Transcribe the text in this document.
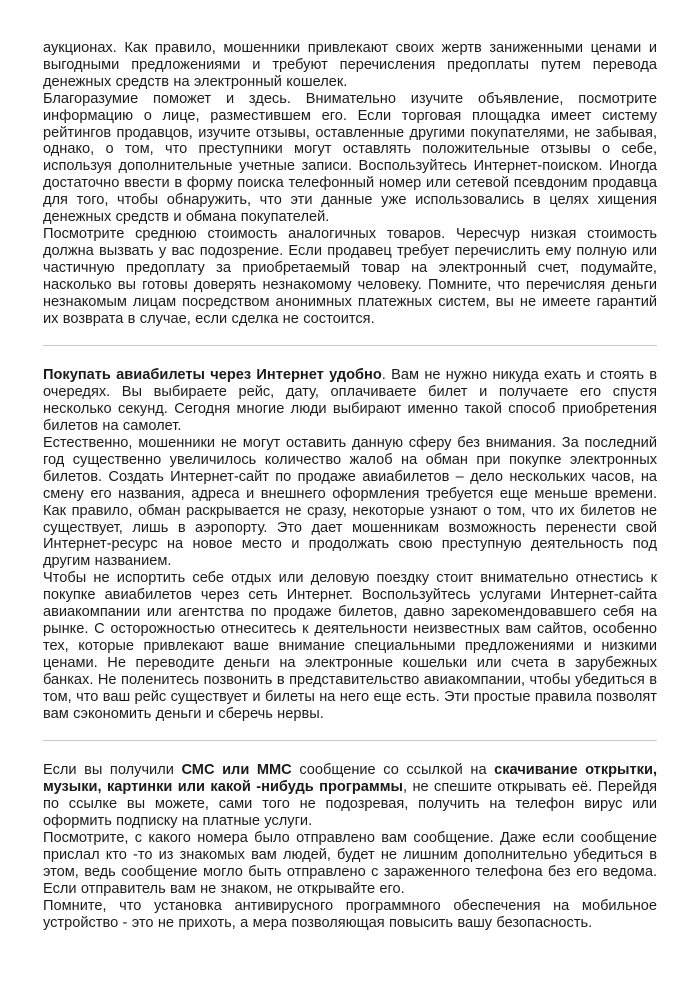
аукционах. Как правило, мошенники привлекают своих жертв заниженными ценами и выгодными предложениями и требуют перечисления предоплаты путем перевода денежных средств на электронный кошелек.

Благоразумие поможет и здесь. Внимательно изучите объявление, посмотрите информацию о лице, разместившем его. Если торговая площадка имеет систему рейтингов продавцов, изучите отзывы, оставленные другими покупателями, не забывая, однако, о том, что преступники могут оставлять положительные отзывы о себе, используя дополнительные учетные записи. Воспользуйтесь Интернет-поиском. Иногда достаточно ввести в форму поиска телефонный номер или сетевой псевдоним продавца для того, чтобы обнаружить, что эти данные уже использовались в целях хищения денежных средств и обмана покупателей.

Посмотрите среднюю стоимость аналогичных товаров. Чересчур низкая стоимость должна вызвать у вас подозрение. Если продавец требует перечислить ему полную или частичную предоплату за приобретаемый товар на электронный счет, подумайте, насколько вы готовы доверять незнакомому человеку. Помните, что перечисляя деньги незнакомым лицам посредством анонимных платежных систем, вы не имеете гарантий их возврата в случае, если сделка не состоится.

Покупать авиабилеты через Интернет удобно. Вам не нужно никуда ехать и стоять в очередях. Вы выбираете рейс, дату, оплачиваете билет и получаете его спустя несколько секунд. Сегодня многие люди выбирают именно такой способ приобретения билетов на самолет.

Естественно, мошенники не могут оставить данную сферу без внимания. За последний год существенно увеличилось количество жалоб на обман при покупке электронных билетов. Создать Интернет-сайт по продаже авиабилетов – дело нескольких часов, на смену его названия, адреса и внешнего оформления требуется еще меньше времени. Как правило, обман раскрывается не сразу, некоторые узнают о том, что их билетов не существует, лишь в аэропорту. Это дает мошенникам возможность перенести свой Интернет-ресурс на новое место и продолжать свою преступную деятельность под другим названием.

Чтобы не испортить себе отдых или деловую поездку стоит внимательно отнестись к покупке авиабилетов через сеть Интернет. Воспользуйтесь услугами Интернет-сайта авиакомпании или агентства по продаже билетов, давно зарекомендовавшего себя на рынке. С осторожностью отнеситесь к деятельности неизвестных вам сайтов, особенно тех, которые привлекают ваше внимание специальными предложениями и низкими ценами. Не переводите деньги на электронные кошельки или счета в зарубежных банках. Не поленитесь позвонить в представительство авиакомпании, чтобы убедиться в том, что ваш рейс существует и билеты на него еще есть. Эти простые правила позволят вам сэкономить деньги и сберечь нервы.

Если вы получили СМС или ММС сообщение со ссылкой на скачивание открытки, музыки, картинки или какой -нибудь программы, не спешите открывать её. Перейдя по ссылке вы можете, сами того не подозревая, получить на телефон вирус или оформить подписку на платные услуги.

Посмотрите, с какого номера было отправлено вам сообщение. Даже если сообщение прислал кто -то из знакомых вам людей, будет не лишним дополнительно убедиться в этом, ведь сообщение могло быть отправлено с зараженного телефона без его ведома. Если отправитель вам не знаком, не открывайте его.

Помните, что установка антивирусного программного обеспечения на мобильное устройство - это не прихоть, а мера позволяющая повысить вашу безопасность.
